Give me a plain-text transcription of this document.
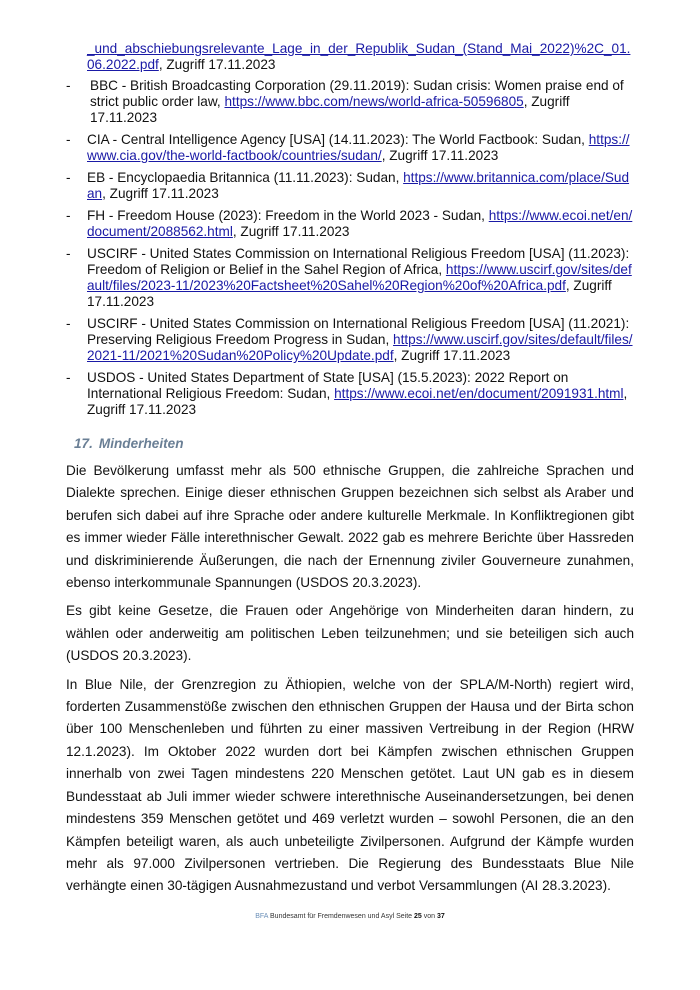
_und_abschiebungsrelevante_Lage_in_der_Republik_Sudan_(Stand_Mai_2022)%2C_01.06.2022.pdf, Zugriff 17.11.2023
- BBC - British Broadcasting Corporation (29.11.2019): Sudan crisis: Women praise end of strict public order law, https://www.bbc.com/news/world-africa-50596805, Zugriff 17.11.2023
- CIA - Central Intelligence Agency [USA] (14.11.2023): The World Factbook: Sudan, https://www.cia.gov/the-world-factbook/countries/sudan/, Zugriff 17.11.2023
- EB - Encyclopaedia Britannica (11.11.2023): Sudan, https://www.britannica.com/place/Sudan, Zugriff 17.11.2023
- FH - Freedom House (2023): Freedom in the World 2023 - Sudan, https://www.ecoi.net/en/document/2088562.html, Zugriff 17.11.2023
- USCIRF - United States Commission on International Religious Freedom [USA] (11.2023): Freedom of Religion or Belief in the Sahel Region of Africa, https://www.uscirf.gov/sites/default/files/2023-11/2023%20Factsheet%20Sahel%20Region%20of%20Africa.pdf, Zugriff 17.11.2023
- USCIRF - United States Commission on International Religious Freedom [USA] (11.2021): Preserving Religious Freedom Progress in Sudan, https://www.uscirf.gov/sites/default/files/2021-11/2021%20Sudan%20Policy%20Update.pdf, Zugriff 17.11.2023
- USDOS - United States Department of State [USA] (15.5.2023): 2022 Report on International Religious Freedom: Sudan, https://www.ecoi.net/en/document/2091931.html, Zugriff 17.11.2023
17. Minderheiten

Die Bevölkerung umfasst mehr als 500 ethnische Gruppen, die zahlreiche Sprachen und Dialekte sprechen. Einige dieser ethnischen Gruppen bezeichnen sich selbst als Araber und berufen sich dabei auf ihre Sprache oder andere kulturelle Merkmale. In Konfliktregionen gibt es immer wieder Fälle interethnischer Gewalt. 2022 gab es mehrere Berichte über Hassreden und diskriminierende Äußerungen, die nach der Ernennung ziviler Gouverneure zunahmen, ebenso interkommunale Spannungen (USDOS 20.3.2023).

Es gibt keine Gesetze, die Frauen oder Angehörige von Minderheiten daran hindern, zu wählen oder anderweitig am politischen Leben teilzunehmen; und sie beteiligen sich auch (USDOS 20.3.2023).

In Blue Nile, der Grenzregion zu Äthiopien, welche von der SPLA/M-North) regiert wird, forderten Zusammenstöße zwischen den ethnischen Gruppen der Hausa und der Birta schon über 100 Menschenleben und führten zu einer massiven Vertreibung in der Region (HRW 12.1.2023). Im Oktober 2022 wurden dort bei Kämpfen zwischen ethnischen Gruppen innerhalb von zwei Tagen mindestens 220 Menschen getötet. Laut UN gab es in diesem Bundesstaat ab Juli immer wieder schwere interethnische Auseinandersetzungen, bei denen mindestens 359 Menschen getötet und 469 verletzt wurden – sowohl Personen, die an den Kämpfen beteiligt waren, als auch unbeteiligte Zivilpersonen. Aufgrund der Kämpfe wurden mehr als 97.000 Zivilpersonen vertrieben. Die Regierung des Bundesstaats Blue Nile verhängte einen 30-tägigen Ausnahmezustand und verbot Versammlungen (AI 28.3.2023).

BFA Bundesamt für Fremdenwesen und Asyl Seite 25 von 37
